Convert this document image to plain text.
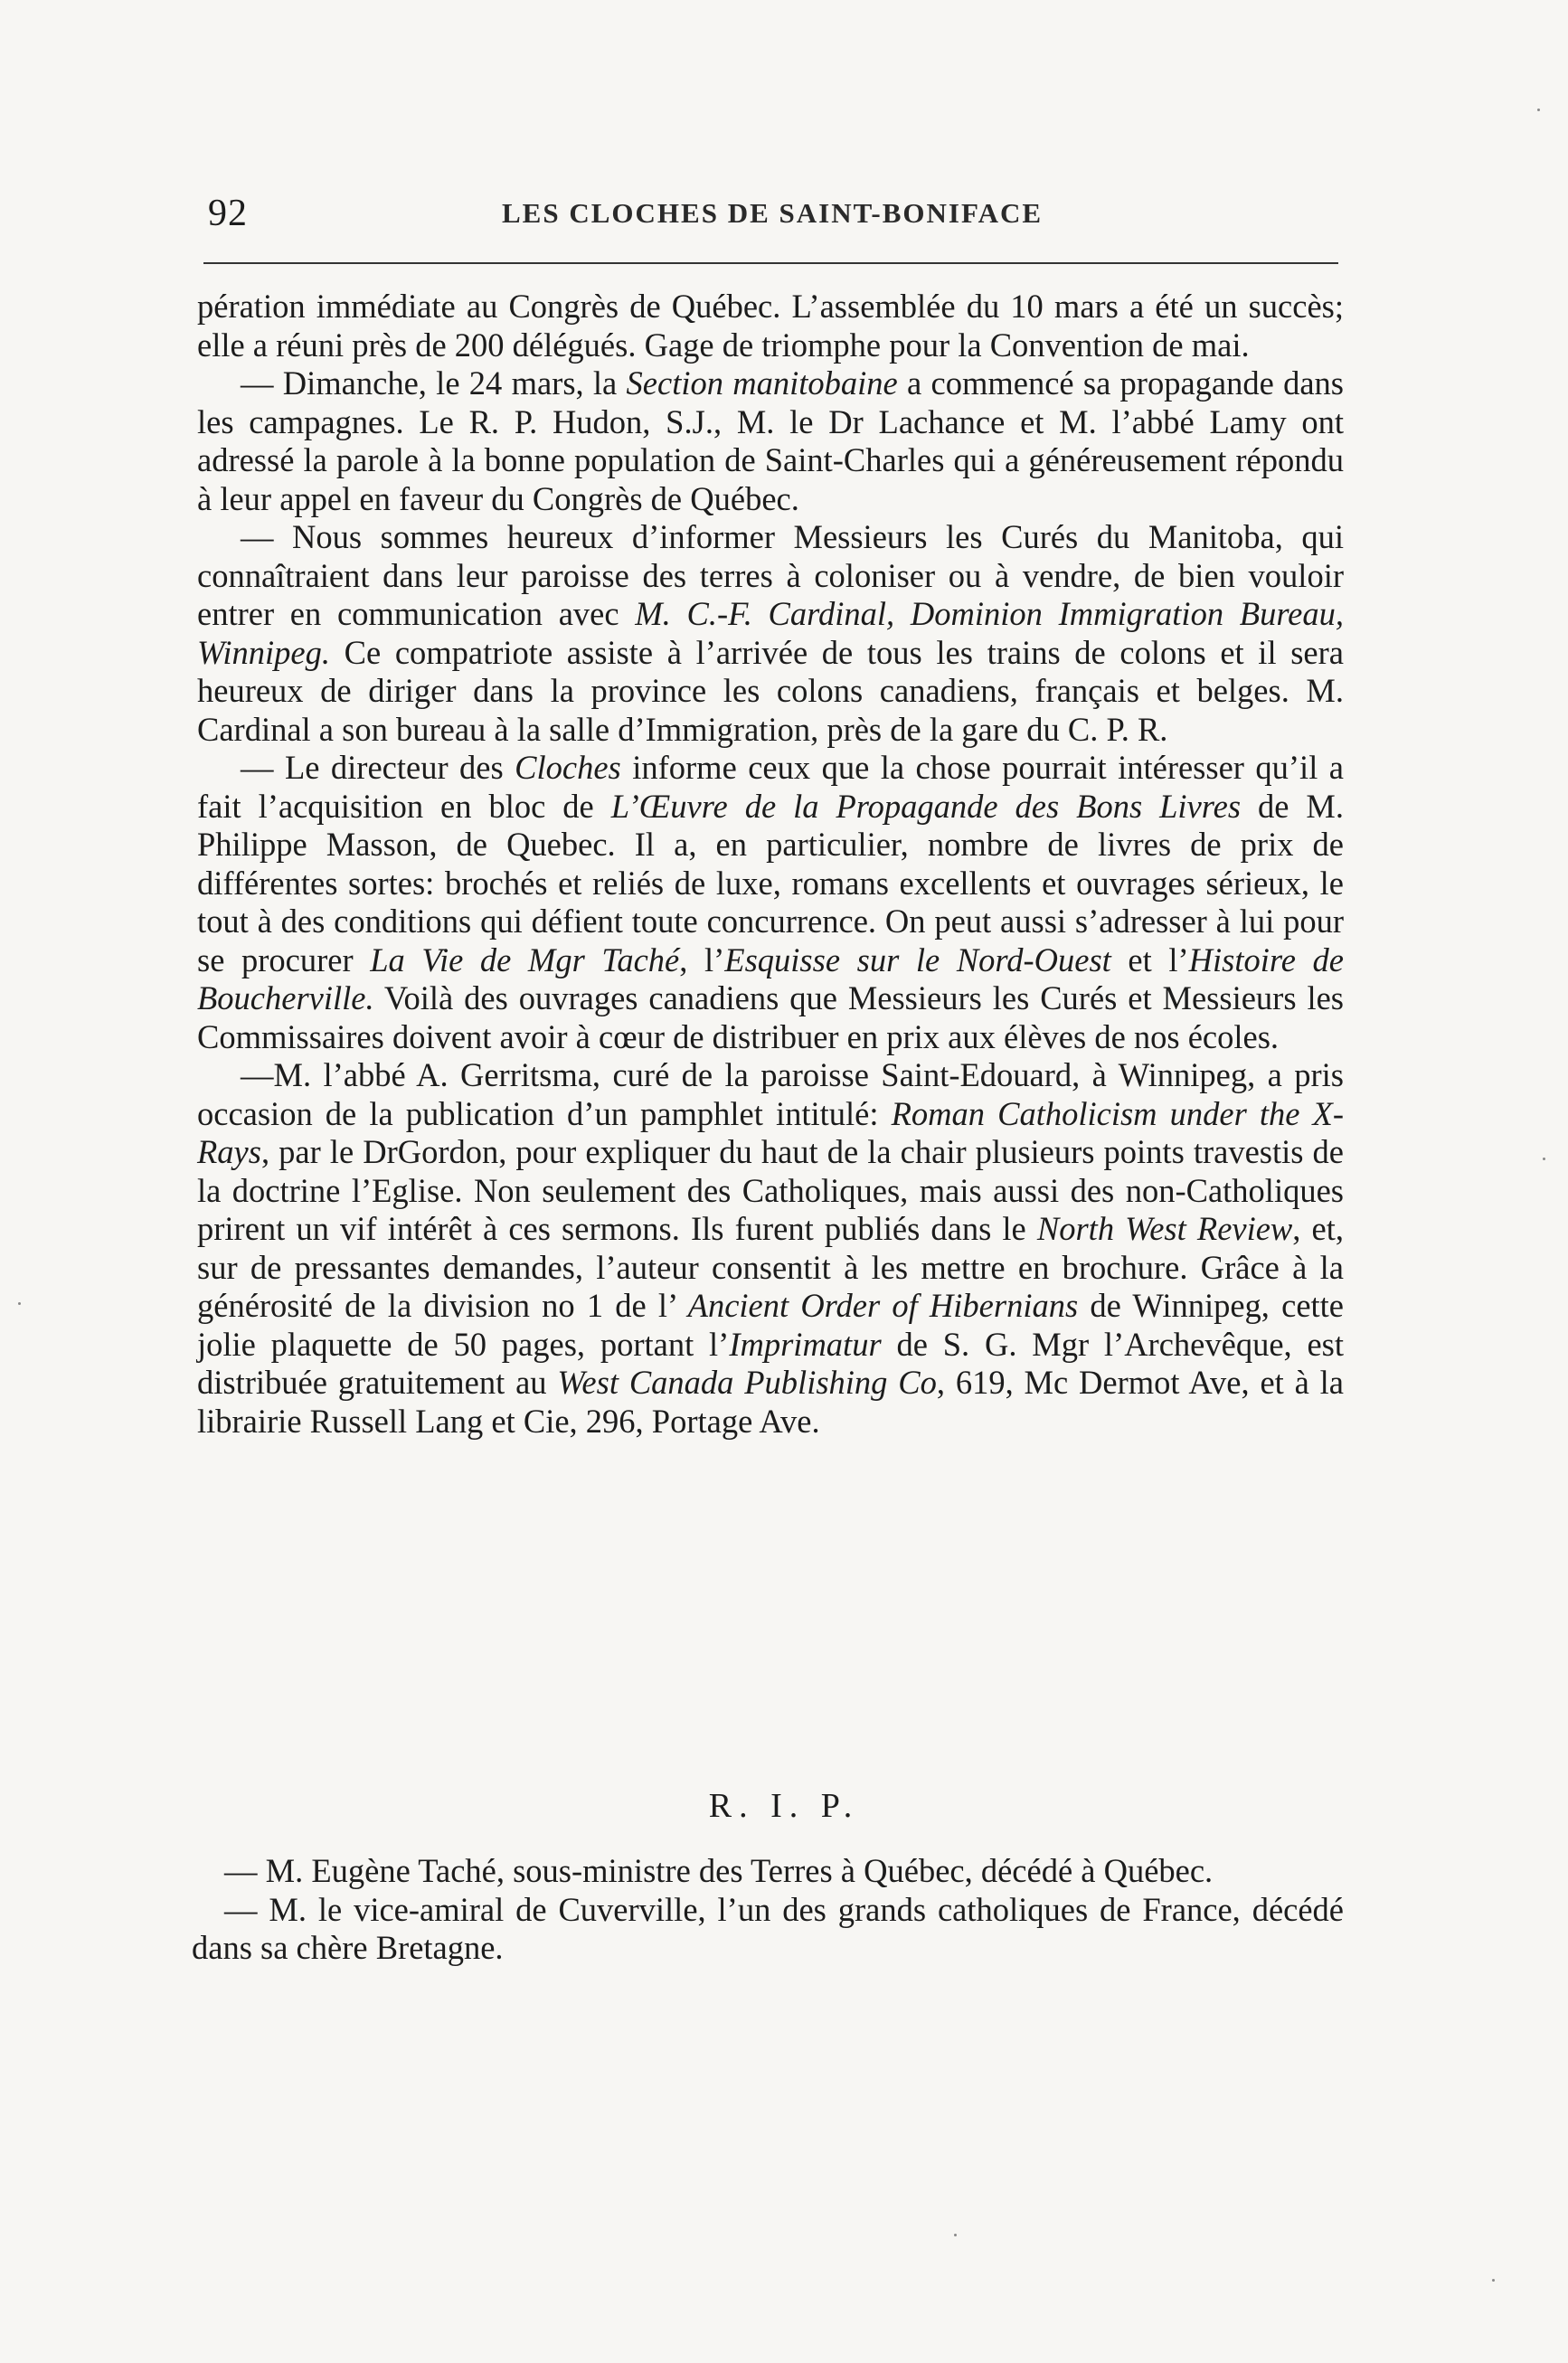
92	LES CLOCHES DE SAINT-BONIFACE

pération immédiate au Congrès de Québec. L’assemblée du 10 mars a été un succès; elle a réuni près de 200 délégués. Gage de triomphe pour la Convention de mai.

— Dimanche, le 24 mars, la Section manitobaine a commencé sa propagande dans les campagnes. Le R. P. Hudon, S.J., M. le Dr Lachance et M. l’abbé Lamy ont adressé la parole à la bonne population de Saint-Charles qui a généreusement répondu à leur appel en faveur du Congrès de Québec.

— Nous sommes heureux d’informer Messieurs les Curés du Manitoba, qui connaîtraient dans leur paroisse des terres à coloniser ou à vendre, de bien vouloir entrer en communication avec M. C.-F. Cardinal, Dominion Immigration Bureau, Winnipeg. Ce compatriote assiste à l’arrivée de tous les trains de colons et il sera heureux de diriger dans la province les colons canadiens, français et belges. M. Cardinal a son bureau à la salle d’Immigration, près de la gare du C. P. R.

— Le directeur des Cloches informe ceux que la chose pourrait intéresser qu’il a fait l’acquisition en bloc de L’Œuvre de la Propagande des Bons Livres de M. Philippe Masson, de Quebec. Il a, en particulier, nombre de livres de prix de différentes sortes: brochés et reliés de luxe, romans excellents et ouvrages sérieux, le tout à des conditions qui défient toute concurrence. On peut aussi s’adresser à lui pour se procurer La Vie de Mgr Taché, l’Esquisse sur le Nord-Ouest et l’Histoire de Boucherville. Voilà des ouvrages canadiens que Messieurs les Curés et Messieurs les Commissaires doivent avoir à cœur de distribuer en prix aux élèves de nos écoles.

—M. l’abbé A. Gerritsma, curé de la paroisse Saint-Edouard, à Winnipeg, a pris occasion de la publication d’un pamphlet intitulé: Roman Catholicism under the X-Rays, par le DrGordon, pour expliquer du haut de la chair plusieurs points travestis de la doctrine l’Eglise. Non seulement des Catholiques, mais aussi des non-Catholiques prirent un vif intérêt à ces sermons. Ils furent publiés dans le North West Review, et, sur de pressantes demandes, l’auteur consentit à les mettre en brochure. Grâce à la générosité de la division no 1 de l’ Ancient Order of Hibernians de Winnipeg, cette jolie plaquette de 50 pages, portant l’Imprimatur de S. G. Mgr l’Archevêque, est distribuée gratuitement au West Canada Publishing Co, 619, Mc Dermot Ave, et à la librairie Russell Lang et Cie, 296, Portage Ave.

R. I. P.

— M. Eugène Taché, sous-ministre des Terres à Québec, décédé à Québec.

— M. le vice-amiral de Cuverville, l’un des grands catholiques de France, décédé dans sa chère Bretagne.
